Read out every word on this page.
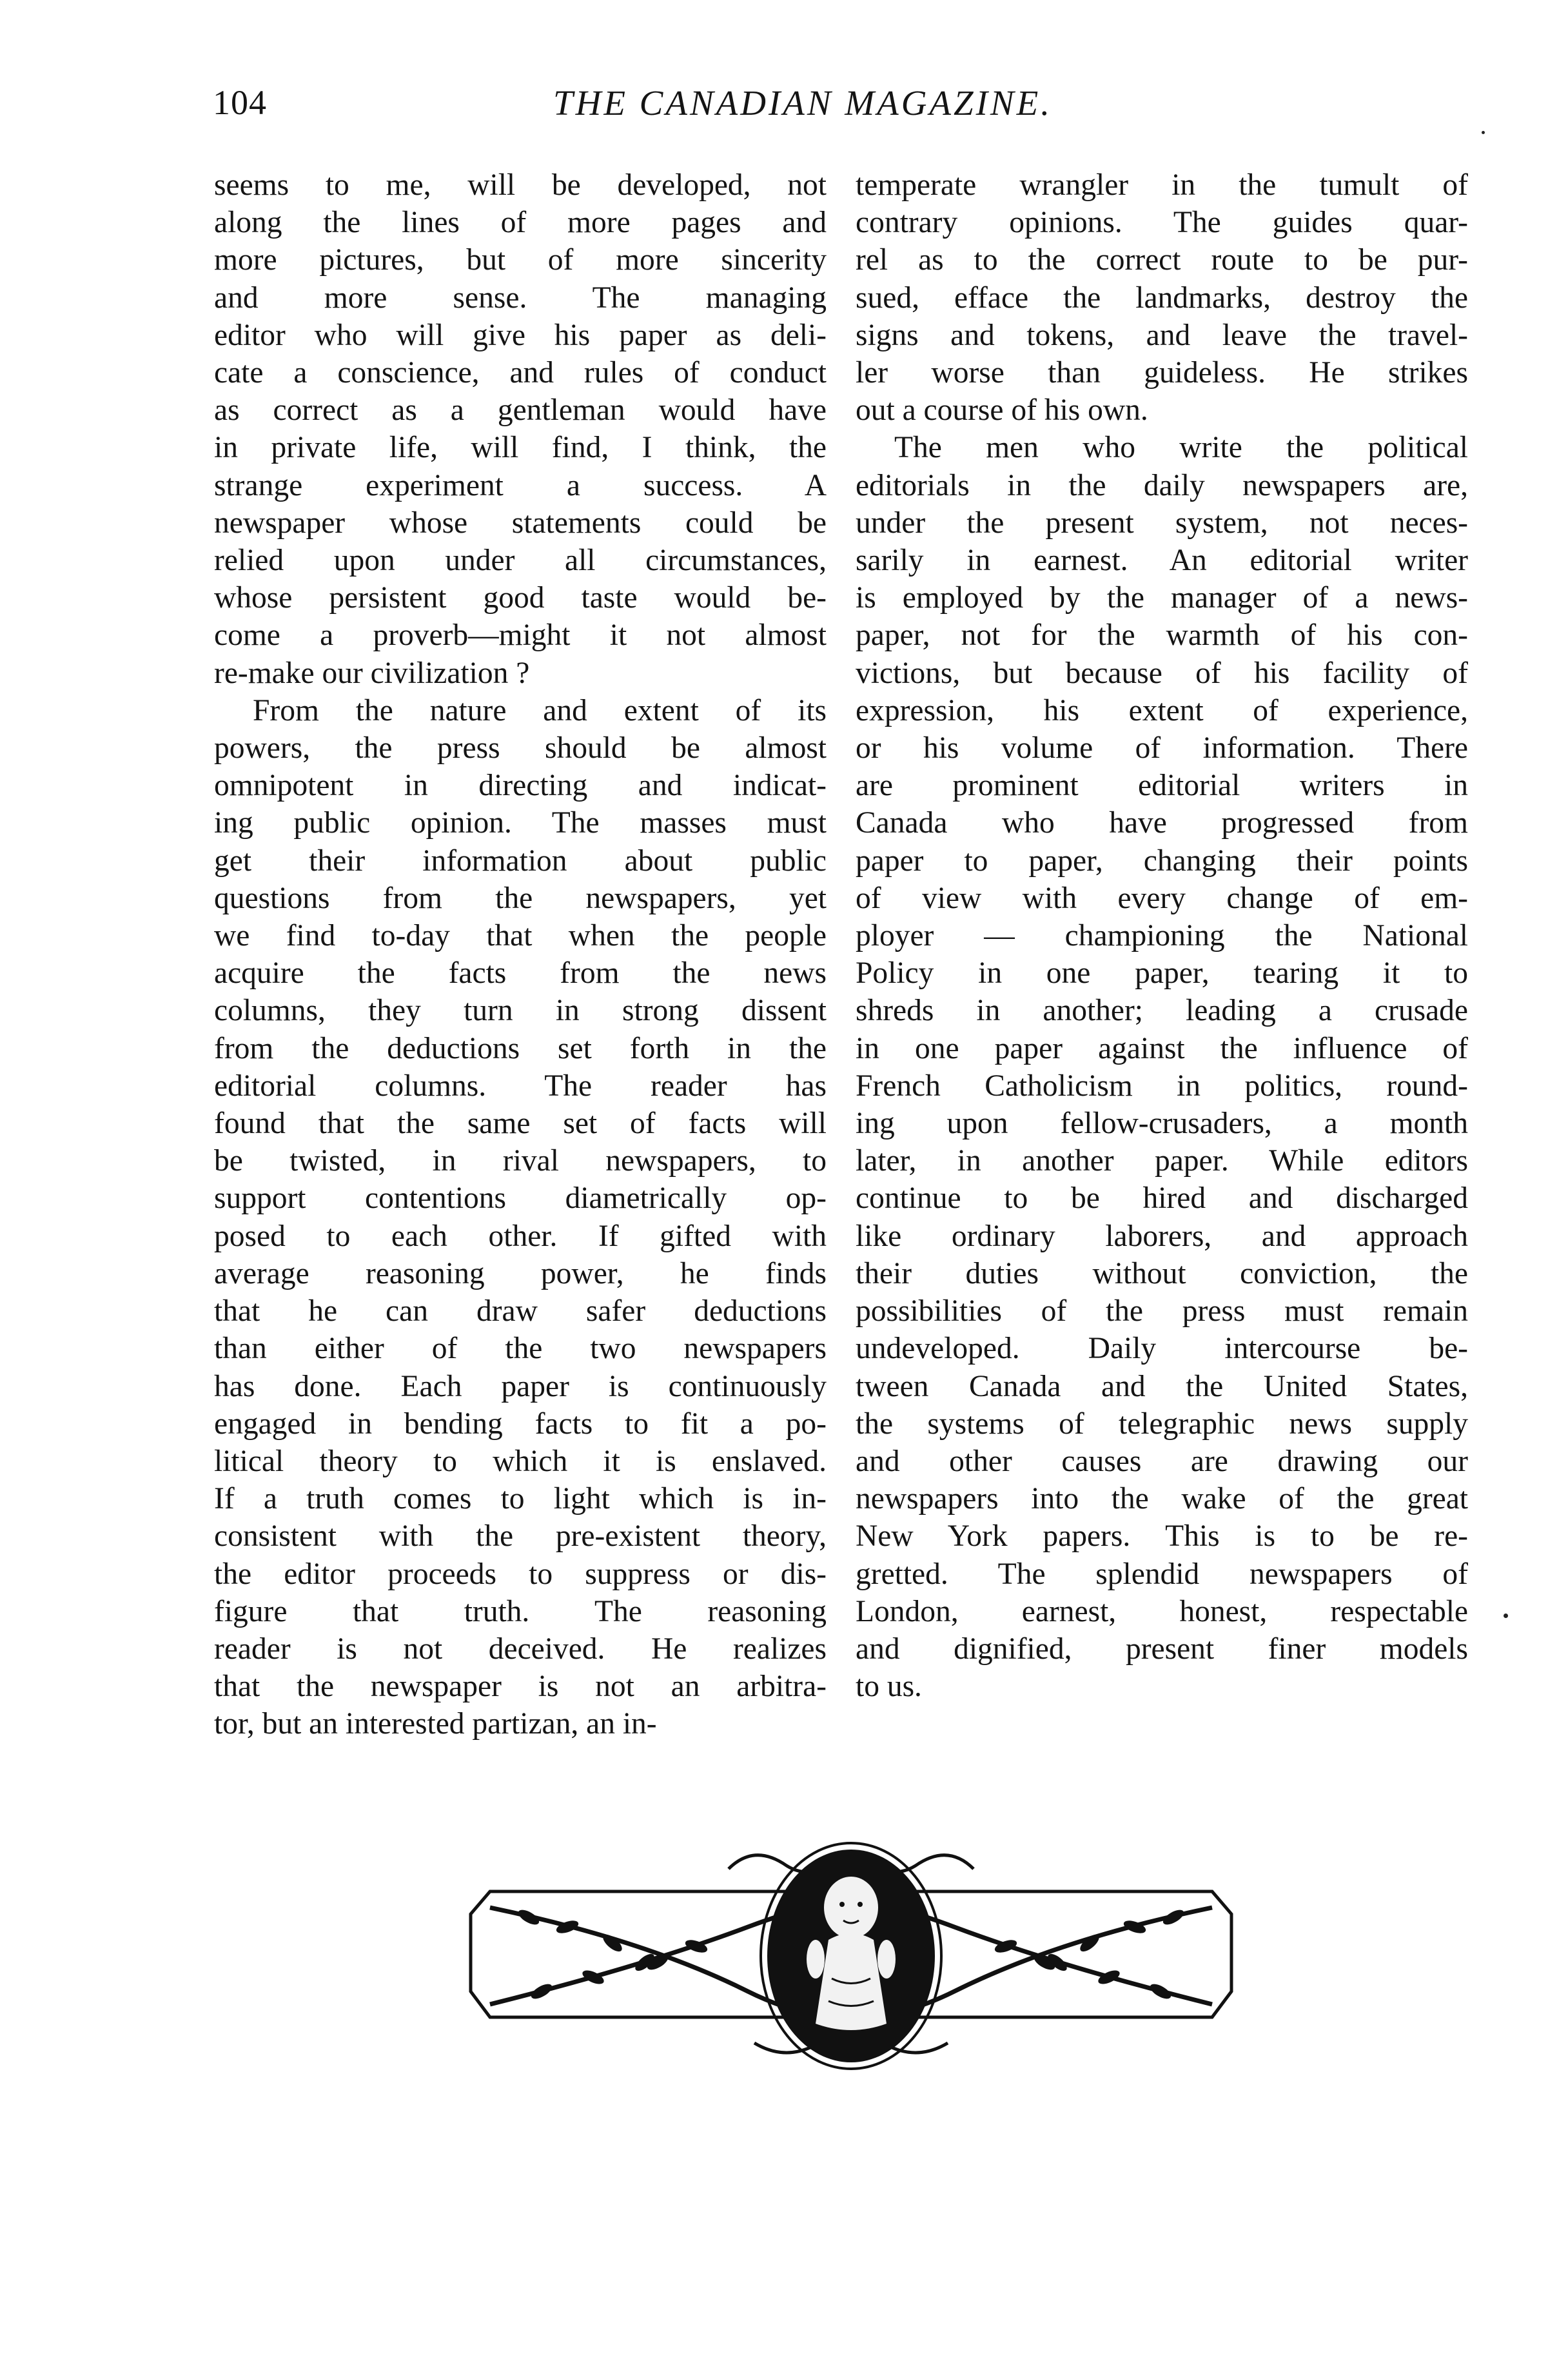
104	THE CANADIAN MAGAZINE.
seems to me, will be developed, not
along the lines of more pages and
more pictures, but of more sincerity
and more sense. The managing
editor who will give his paper as deli-
cate a conscience, and rules of conduct
as correct as a gentleman would have
in private life, will find, I think, the
strange experiment a success. A
newspaper whose statements could be
relied upon under all circumstances,
whose persistent good taste would be-
come a proverb—might it not almost
re-make our civilization ?
From the nature and extent of its
powers, the press should be almost
omnipotent in directing and indicat-
ing public opinion. The masses must
get their information about public
questions from the newspapers, yet
we find to-day that when the people
acquire the facts from the news
columns, they turn in strong dissent
from the deductions set forth in the
editorial columns. The reader has
found that the same set of facts will
be twisted, in rival newspapers, to
support contentions diametrically op-
posed to each other. If gifted with
average reasoning power, he finds
that he can draw safer deductions
than either of the two newspapers
has done. Each paper is continuously
engaged in bending facts to fit a po-
litical theory to which it is enslaved.
If a truth comes to light which is in-
consistent with the pre-existent theory,
the editor proceeds to suppress or dis-
figure that truth. The reasoning
reader is not deceived. He realizes
that the newspaper is not an arbitra-
tor, but an interested partizan, an in-
temperate wrangler in the tumult of
contrary opinions. The guides quar-
rel as to the correct route to be pur-
sued, efface the landmarks, destroy the
signs and tokens, and leave the travel-
ler worse than guideless. He strikes
out a course of his own.
The men who write the political
editorials in the daily newspapers are,
under the present system, not neces-
sarily in earnest. An editorial writer
is employed by the manager of a news-
paper, not for the warmth of his con-
victions, but because of his facility of
expression, his extent of experience,
or his volume of information. There
are prominent editorial writers in
Canada who have progressed from
paper to paper, changing their points
of view with every change of em-
ployer — championing the National
Policy in one paper, tearing it to
shreds in another; leading a crusade
in one paper against the influence of
French Catholicism in politics, round-
ing upon fellow-crusaders, a month
later, in another paper. While editors
continue to be hired and discharged
like ordinary laborers, and approach
their duties without conviction, the
possibilities of the press must remain
undeveloped. Daily intercourse be-
tween Canada and the United States,
the systems of telegraphic news supply
and other causes are drawing our
newspapers into the wake of the great
New York papers. This is to be re-
gretted. The splendid newspapers of
London, earnest, honest, respectable
and dignified, present finer models
to us.
